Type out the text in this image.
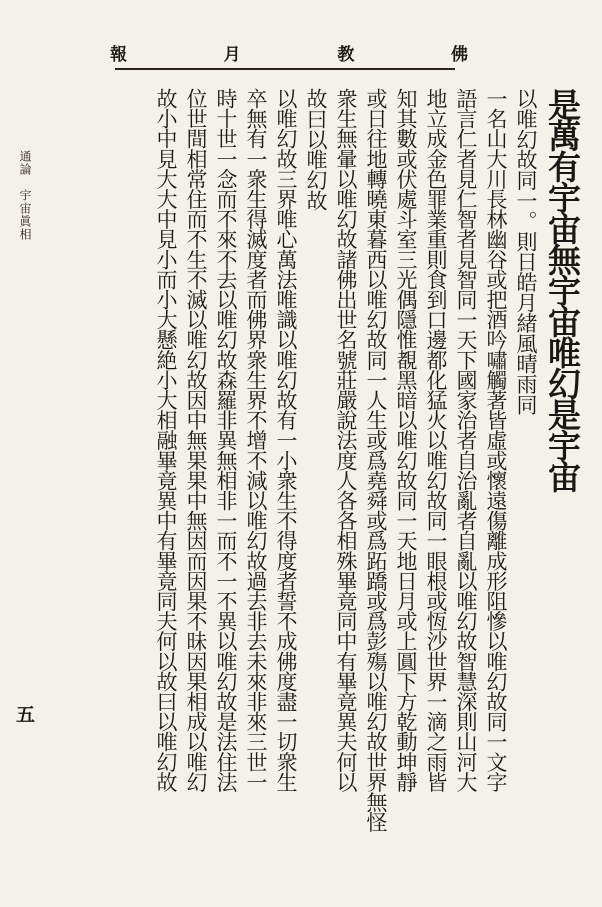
報	月	教	佛
是萬有宇宙無宇宙唯幻是宇宙
以唯幻故同一。則日皓月緒風晴雨同
一名山大川長林幽谷或把酒吟嘯觸著皆虛或懷遠傷離成形阻慘以唯幻故同一文字
語言仁者見仁智者見智同一天下國家治者自治亂者自亂以唯幻故智慧深則山河大
地立成金色罪業重則食到口邊都化猛火以唯幻故同一眼根或恆沙世界一滴之雨皆
知其數或伏處斗室三光偶隱惟覩黑暗以唯幻故同一天地日月或上圓下方乾動坤靜
或日往地轉曉東暮西以唯幻故同一人生或爲堯舜或爲跖蹻或爲彭殤以唯幻故世界無怪
衆生無暈以唯幻故諸佛出世名號莊嚴說法度人各各相殊畢竟同中有畢竟異夫何以
故曰以唯幻故
以唯幻故三界唯心萬法唯識以唯幻故有一小衆生不得度者誓不成佛度盡一切衆生
卒無有一衆生得滅度者而佛界衆生界不增不減以唯幻故過去非去未來非來三世一
時十世一念而不來不去以唯幻故森羅非異無相非一而不一不異以唯幻故是法住法
位世間相常住而不生不滅以唯幻故因中無果果中無因而因果不昧因果相成以唯幻
故小中見大大中見小而小大懸絶小大相融畢竟異中有畢竟同夫何以故曰以唯幻故
通論　宇宙眞相
五
